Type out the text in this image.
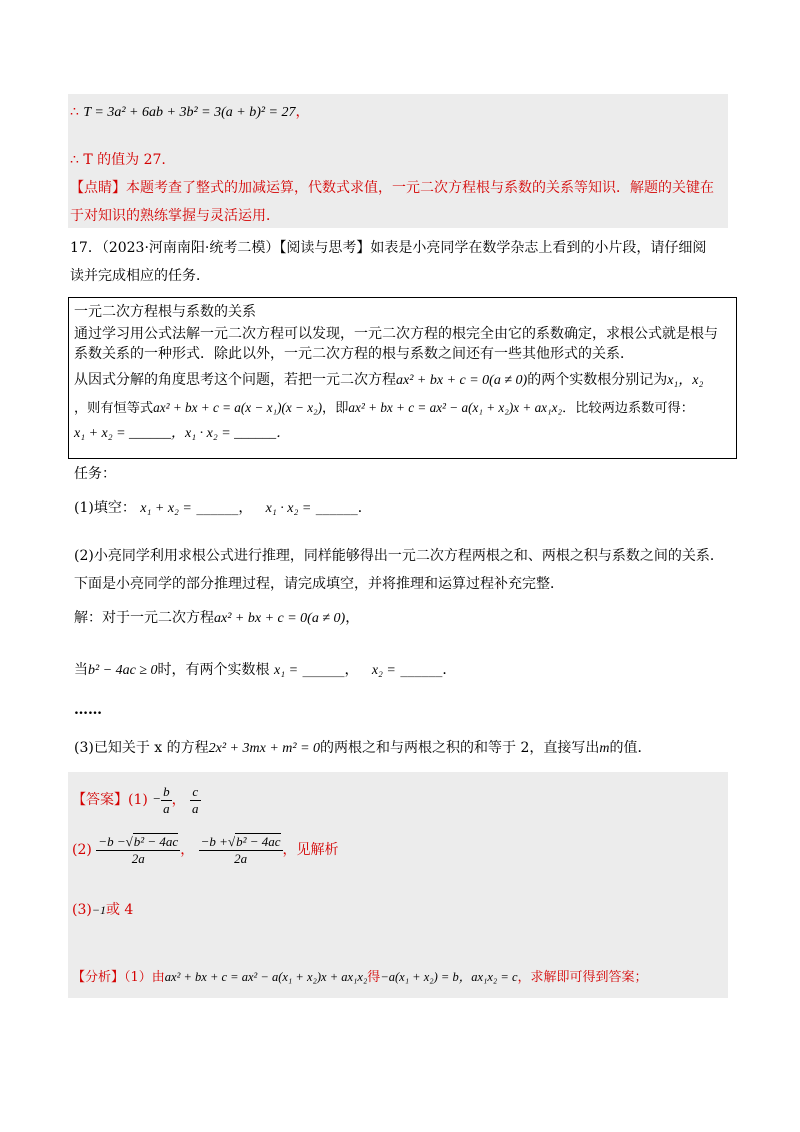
∴ T = 3a² + 6ab + 3b² = 3(a + b)² = 27，
∴ T 的值为 27.
【点睛】本题考查了整式的加减运算，代数式求值，一元二次方程根与系数的关系等知识．解题的关键在
于对知识的熟练掌握与灵活运用．
17．（2023·河南南阳·统考二模）【阅读与思考】如表是小亮同学在数学杂志上看到的小片段，请仔细阅
读并完成相应的任务．
一元二次方程根与系数的关系
通过学习用公式法解一元二次方程可以发现，一元二次方程的根完全由它的系数确定，求根公式就是根与
系数关系的一种形式．除此以外，一元二次方程的根与系数之间还有一些其他形式的关系．
从因式分解的角度思考这个问题，若把一元二次方程ax² + bx + c = 0(a ≠ 0)的两个实数根分别记为x₁，x₂
，则有恒等式ax² + bx + c = a(x − x₁)(x − x₂)，即ax² + bx + c = ax² − a(x₁ + x₂)x + ax₁x₂．比较两边系数可得：
x₁ + x₂ = ______，x₁ · x₂ = ______．
任务：
(1)填空： x₁ + x₂ = ______， x₁ · x₂ = ______．
(2)小亮同学利用求根公式进行推理，同样能够得出一元二次方程两根之和、两根之积与系数之间的关系．
下面是小亮同学的部分推理过程，请完成填空，并将推理和运算过程补充完整．
解：对于一元二次方程ax² + bx + c = 0(a ≠ 0)，
当b² − 4ac ≥ 0时，有两个实数根 x₁ = ______， x₂ = ______．
……
(3)已知关于 x 的方程2x² + 3mx + m² = 0的两根之和与两根之积的和等于 2，直接写出m的值．
【答案】$(1) - \frac{b}{a}$ ， $\frac{c}{a}$
$(2) \frac{\text{−b −√b² − 4ac}}{2a}$ ， $\frac{\text{−b +√b² − 4ac}}{2a}$ ，见解析
(3)−1或 4
【分析】（1）由ax² + bx + c = ax² − a(x₁ + x₂)x + ax₁x₂得−a(x₁ + x₂) = b，ax₁x₂ = c，求解即可得到答案；
